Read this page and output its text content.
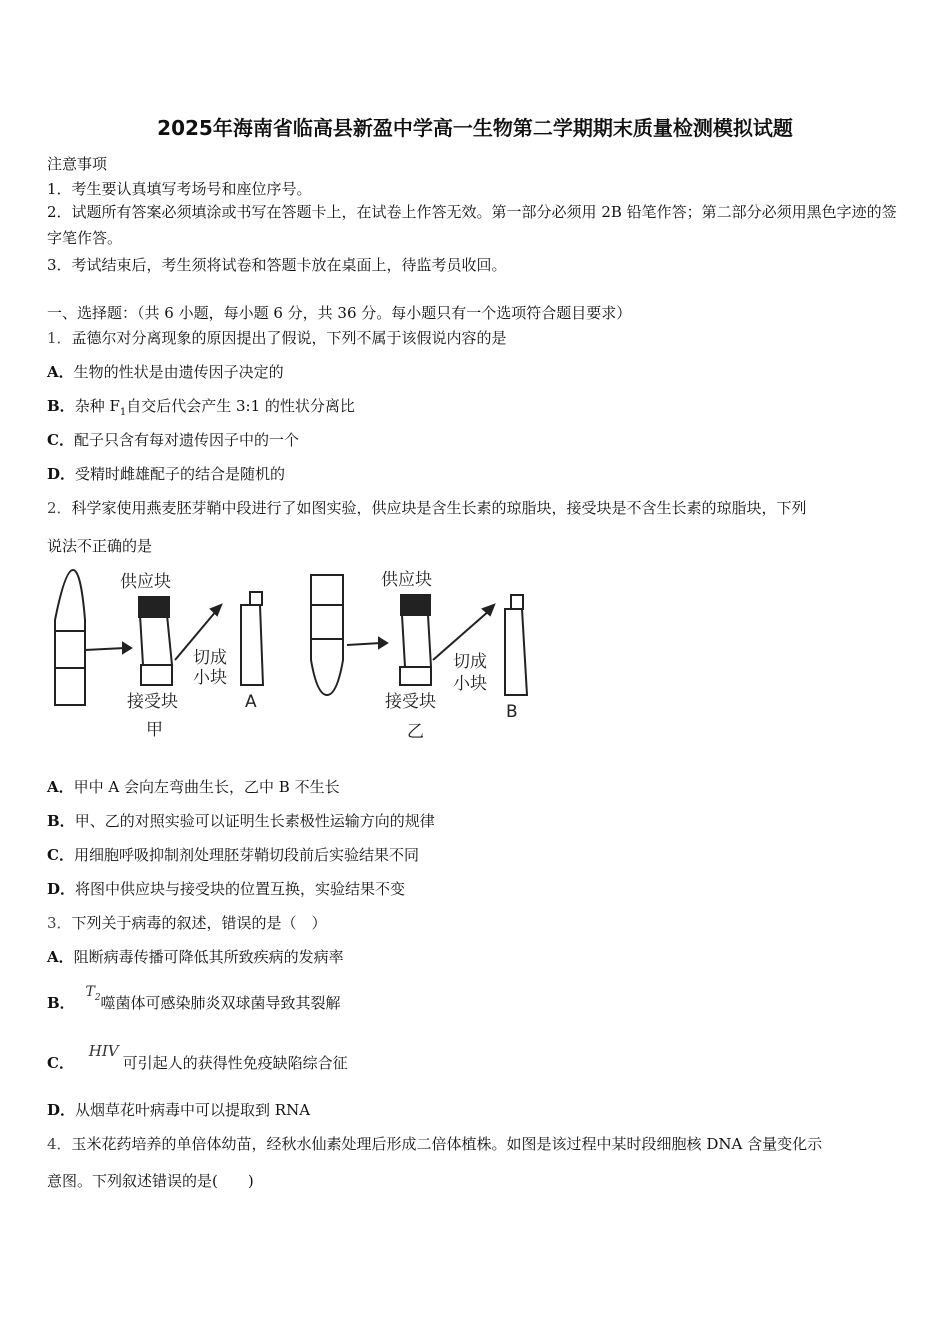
2025年海南省临高县新盈中学高一生物第二学期期末质量检测模拟试题
注意事项
1．考生要认真填写考场号和座位序号。
2．试题所有答案必须填涂或书写在答题卡上，在试卷上作答无效。第一部分必须用 2B 铅笔作答；第二部分必须用黑色字迹的签字笔作答。
3．考试结束后，考生须将试卷和答题卡放在桌面上，待监考员收回。
一、选择题：（共 6 小题，每小题 6 分，共 36 分。每小题只有一个选项符合题目要求）
1．孟德尔对分离现象的原因提出了假说，下列不属于该假说内容的是
A．生物的性状是由遗传因子决定的
B．杂种 $F_1$自交后代会产生 3:1 的性状分离比
C．配子只含有每对遗传因子中的一个
D．受精时雌雄配子的结合是随机的
2．科学家使用燕麦胚芽鞘中段进行了如图实验，供应块是含生长素的琼脂块，接受块是不含生长素的琼脂块，下列
说法不正确的是
供应块
接受块
切成
小块
A
甲
供应块
接受块
切成
小块
B
乙
A．甲中 A 会向左弯曲生长，乙中 B 不生长
B．甲、乙的对照实验可以证明生长素极性运输方向的规律
C．用细胞呼吸抑制剂处理胚芽鞘切段前后实验结果不同
D．将图中供应块与接受块的位置互换，实验结果不变
3．下列关于病毒的叙述，错误的是（　）
A．阻断病毒传播可降低其所致疾病的发病率
B． $T_2$噬菌体可感染肺炎双球菌导致其裂解
C． HIV可引起人的获得性免疫缺陷综合征
D．从烟草花叶病毒中可以提取到 RNA
4．玉米花药培养的单倍体幼苗，经秋水仙素处理后形成二倍体植株。如图是该过程中某时段细胞核 DNA 含量变化示
意图。下列叙述错误的是(　　)
